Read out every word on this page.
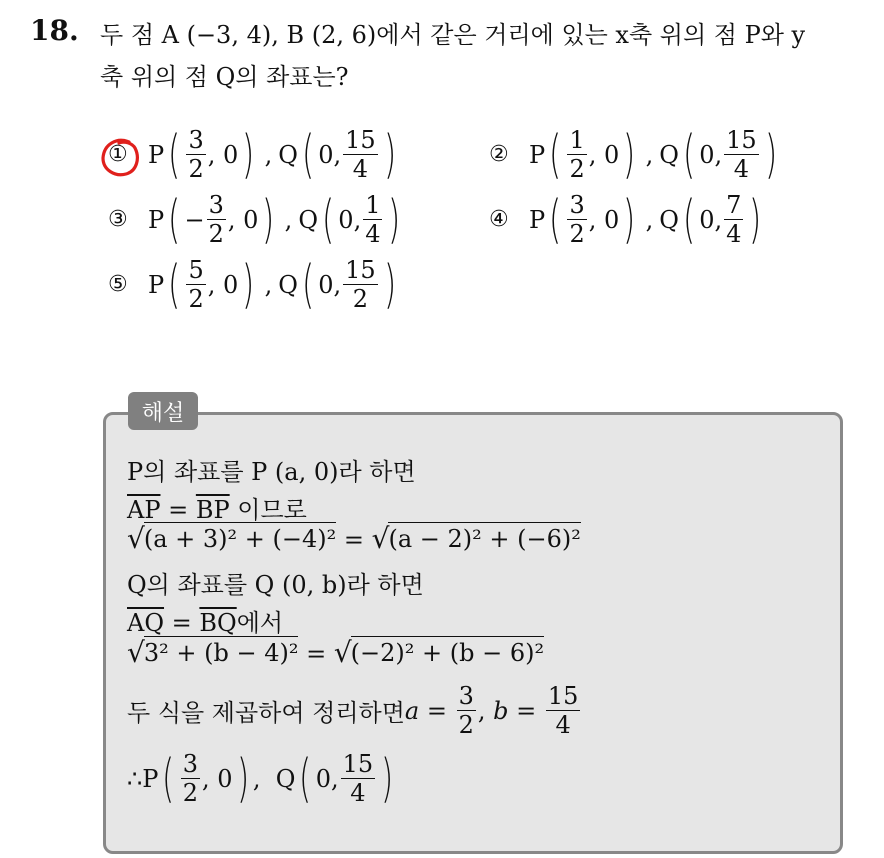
18. 두 점 A (−3, 4), B (2, 6)에서 같은 거리에 있는 x축 위의 점 P와 y
축 위의 점 Q의 좌표는?
① P ( $\frac{3}{2}$ , 0 ) , Q ( 0, $\frac{15}{4}$ )	② P ( $\frac{1}{2}$ , 0 ) , Q ( 0, $\frac{15}{4}$ )
③ P ( − $\frac{3}{2}$ , 0 ) , Q ( 0, $\frac{1}{4}$ )	④ P ( $\frac{3}{2}$ , 0 ) , Q ( 0, $\frac{7}{4}$ )
⑤ P ( $\frac{5}{2}$ , 0 ) , Q ( 0, $\frac{15}{2}$ )
해설
P의 좌표를 P (a, 0)라 하면
$\overline{AP} = \overline{BP}$ 이므로
√ (a + 3)² + (−4)² = √ (a − 2)² + (−6)²
Q의 좌표를 Q (0, b)라 하면
$\overline{AQ} = \overline{BQ}$에서
√ 3² + (b − 4)² = √ (−2)² + (b − 6)²
두 식을 제곱하여 정리하면 $a = \frac{3}{2}$ , $b = \frac{15}{4}$
∴ P ( $\frac{3}{2}$ , 0 ) ,  Q ( 0, $\frac{15}{4}$ )
